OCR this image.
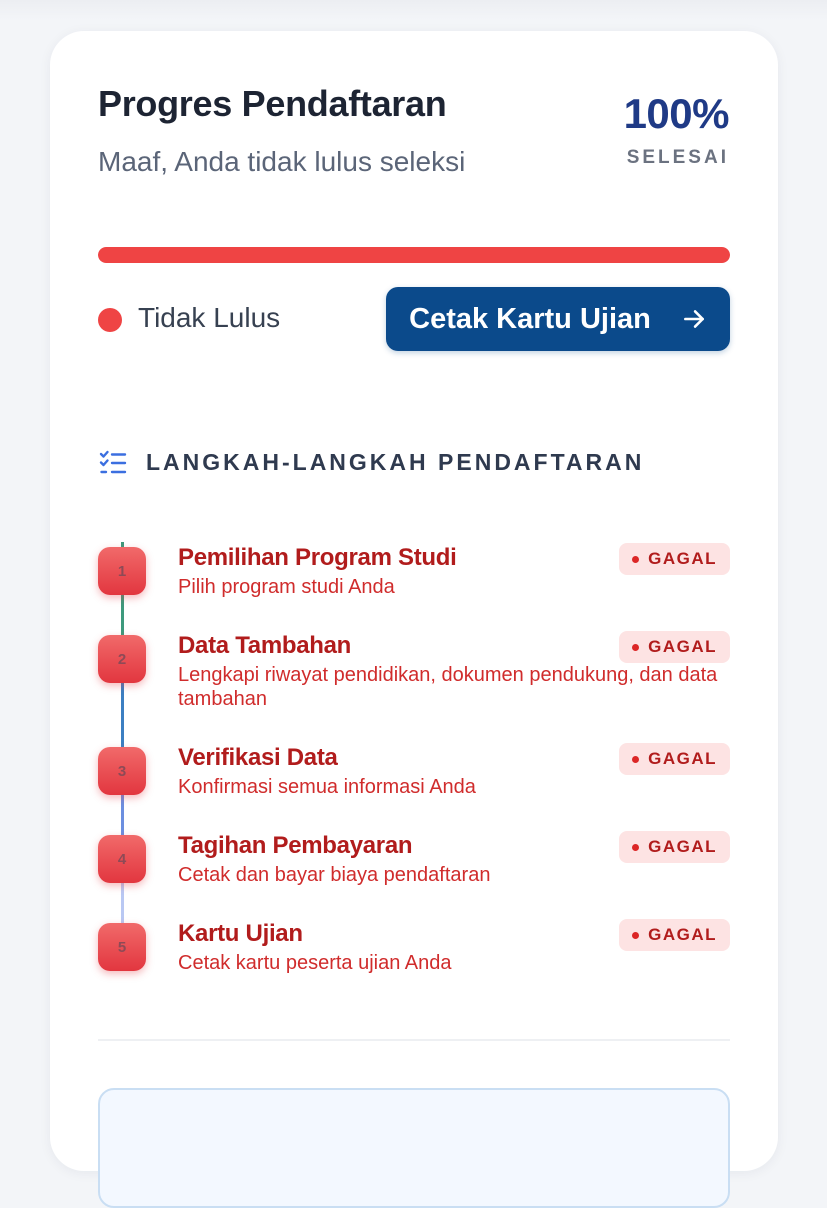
Progres Pendaftaran
Maaf, Anda tidak lulus seleksi
100%
SELESAI
Tidak Lulus	Cetak Kartu Ujian
LANGKAH-LANGKAH PENDAFTARAN
1	Pemilihan Program Studi
Pilih program studi Anda
GAGAL
2	Data Tambahan
Lengkapi riwayat pendidikan, dokumen pendukung, dan data tambahan
GAGAL
3	Verifikasi Data
Konfirmasi semua informasi Anda
GAGAL
4	Tagihan Pembayaran
Cetak dan bayar biaya pendaftaran
GAGAL
5	Kartu Ujian
Cetak kartu peserta ujian Anda
GAGAL
